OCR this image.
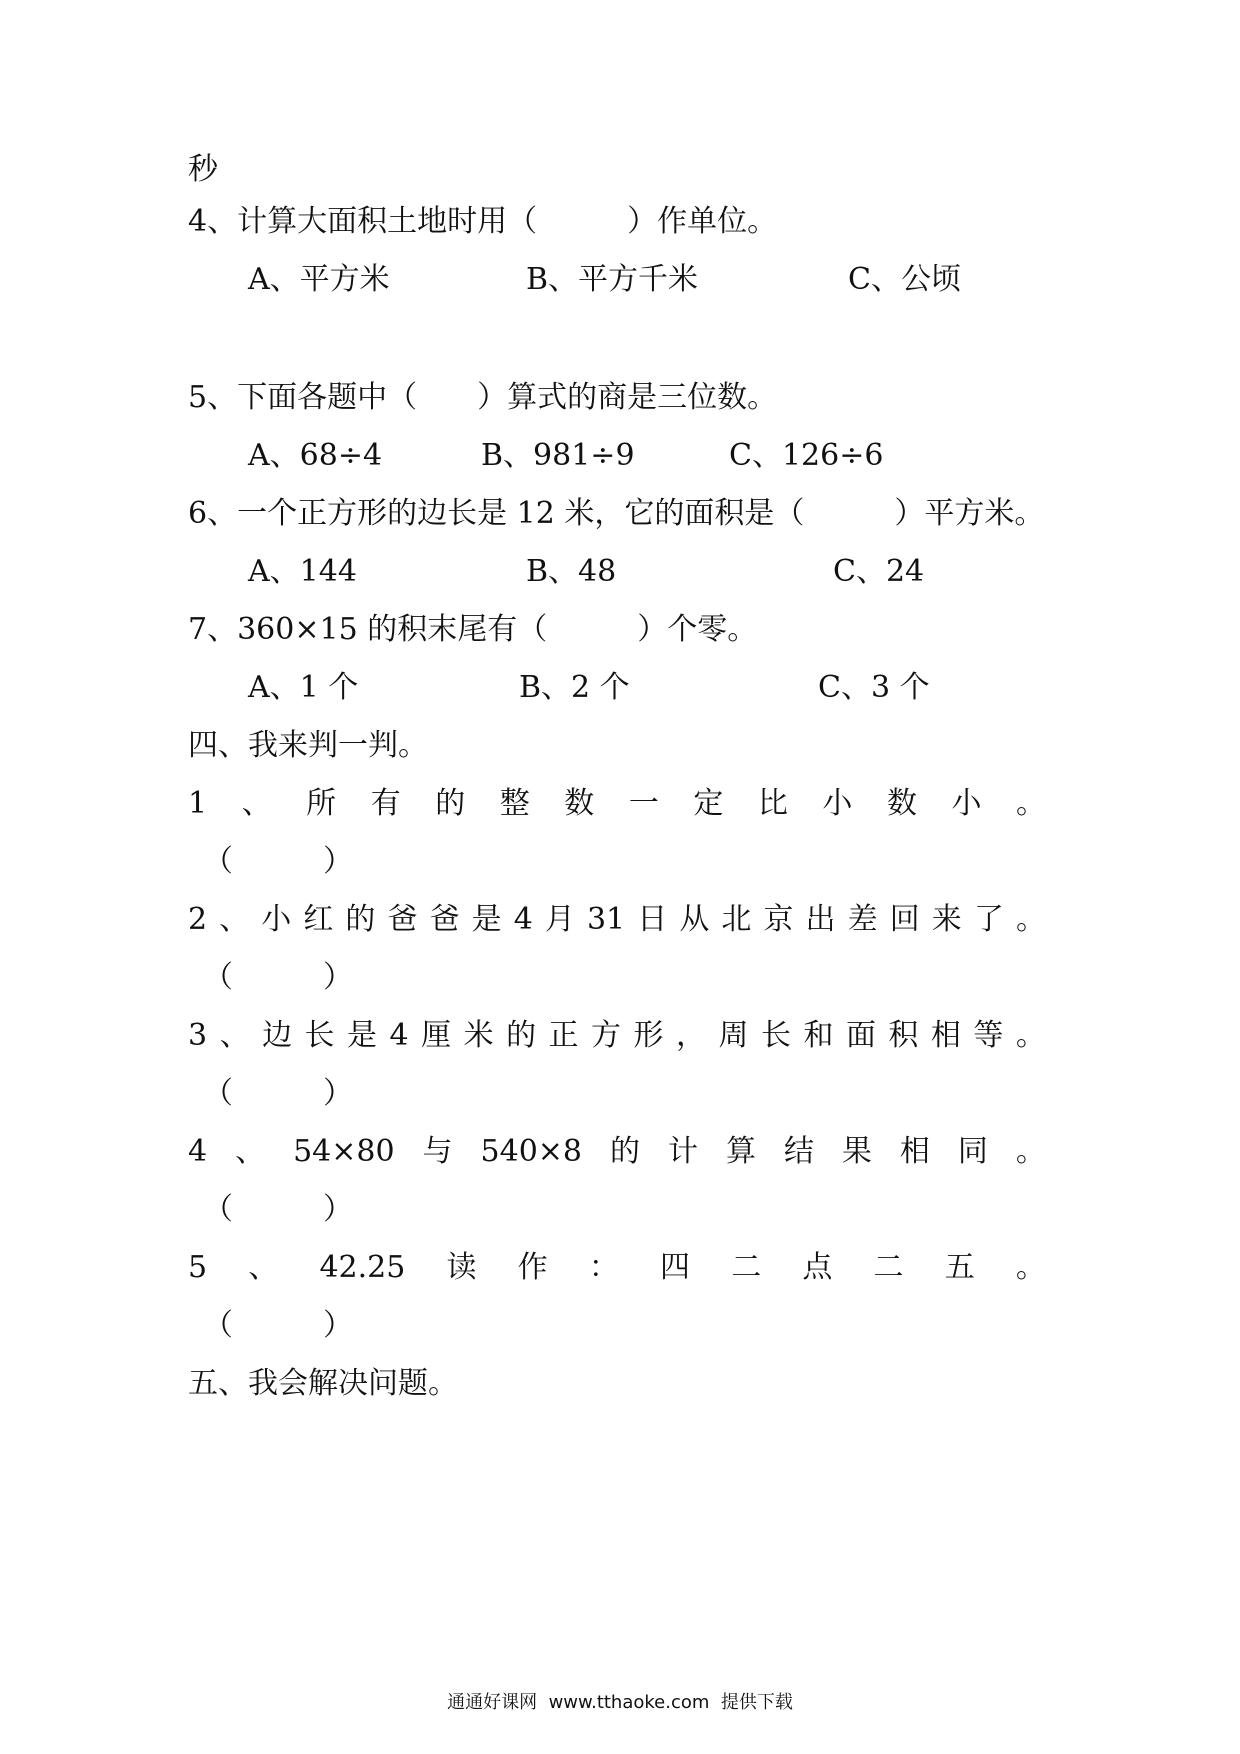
秒
4、计算大面积土地时用（　　　）作单位。
A、平方米	B、平方千米	C、公顷
5、下面各题中（　　）算式的商是三位数。
A、68÷4	B、981÷9	C、126÷6
6、一个正方形的边长是 12 米，它的面积是（　　　）平方米。
A、144	B、48	C、24
7、360×15 的积末尾有（　　　）个零。
A、1 个	B、2 个	C、3 个
四、我来判一判。
1 、 所 有 的 整 数 一 定 比 小 数 小 。
（　　　）
2 、 小 红 的 爸 爸 是 4 月 31 日 从 北 京 出 差 回 来 了 。
（　　　）
3 、 边 长 是 4 厘 米 的 正 方 形 ， 周 长 和 面 积 相 等 。
（　　　）
4 、 54×80 与 540×8 的 计 算 结 果 相 同 。
（　　　）
5 、 42.25 读 作 ： 四 二 点 二 五 。
（　　　）
五、我会解决问题。
通通好课网  www.tthaoke.com  提供下载
